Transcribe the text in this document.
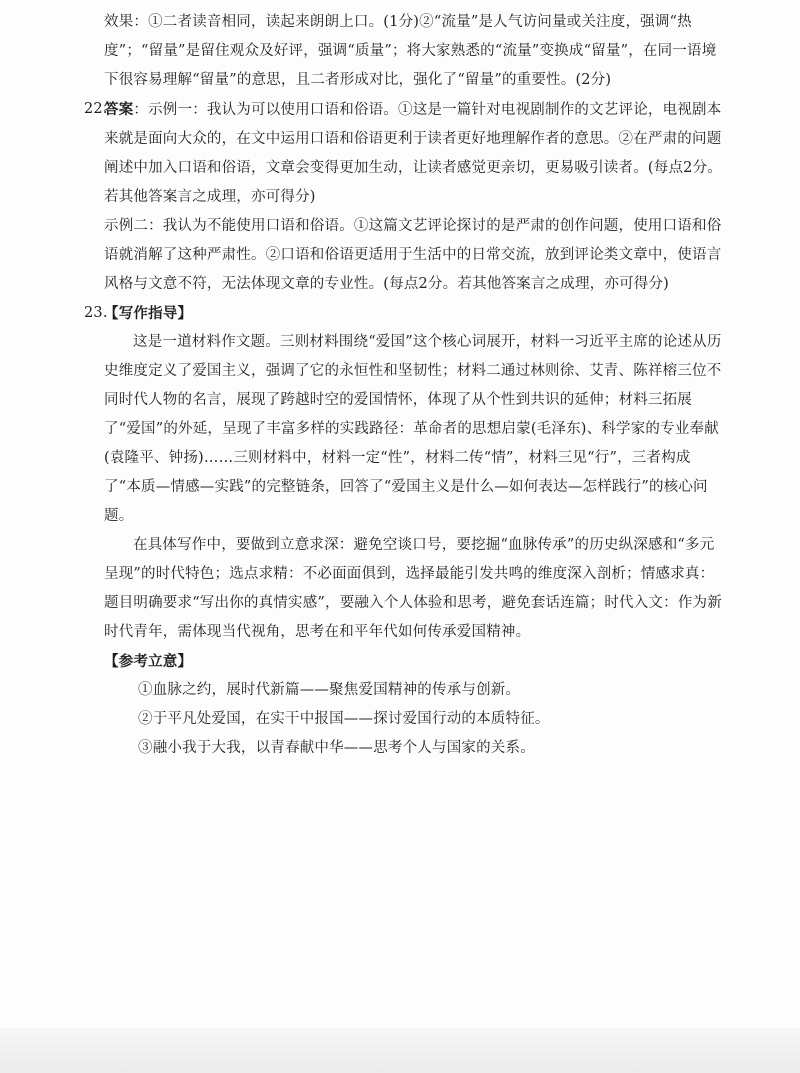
效果：①二者读音相同，读起来朗朗上口。(1分)②“流量”是人气访问量或关注度，强调“热度”；“留量”是留住观众及好评，强调“质量”；将大家熟悉的“流量”变换成“留量”，在同一语境下很容易理解“留量”的意思，且二者形成对比，强化了“留量”的重要性。(2分)

22.

答案：示例一：我认为可以使用口语和俗语。①这是一篇针对电视剧制作的文艺评论，电视剧本来就是面向大众的，在文中运用口语和俗语更利于读者更好地理解作者的意思。②在严肃的问题阐述中加入口语和俗语，文章会变得更加生动，让读者感觉更亲切，更易吸引读者。(每点2分。若其他答案言之成理，亦可得分)

示例二：我认为不能使用口语和俗语。①这篇文艺评论探讨的是严肃的创作问题，使用口语和俗语就消解了这种严肃性。②口语和俗语更适用于生活中的日常交流，放到评论类文章中，使语言风格与文意不符，无法体现文章的专业性。(每点2分。若其他答案言之成理，亦可得分)

23.

【写作指导】

这是一道材料作文题。三则材料围绕“爱国”这个核心词展开，材料一习近平主席的论述从历史维度定义了爱国主义，强调了它的永恒性和坚韧性；材料二通过林则徐、艾青、陈祥榕三位不同时代人物的名言，展现了跨越时空的爱国情怀，体现了从个性到共识的延伸；材料三拓展了“爱国”的外延，呈现了丰富多样的实践路径：革命者的思想启蒙(毛泽东)、科学家的专业奉献(袁隆平、钟扬)……三则材料中，材料一定“性”，材料二传“情”，材料三见“行”，三者构成了“本质—情感—实践”的完整链条，回答了“爱国主义是什么—如何表达—怎样践行”的核心问题。

在具体写作中，要做到立意求深：避免空谈口号，要挖掘“血脉传承”的历史纵深感和“多元呈现”的时代特色；选点求精：不必面面俱到，选择最能引发共鸣的维度深入剖析；情感求真：题目明确要求“写出你的真情实感”，要融入个人体验和思考，避免套话连篇；时代入文：作为新时代青年，需体现当代视角，思考在和平年代如何传承爱国精神。

【参考立意】

①血脉之约，展时代新篇——聚焦爱国精神的传承与创新。

②于平凡处爱国，在实干中报国——探讨爱国行动的本质特征。

③融小我于大我，以青春献中华——思考个人与国家的关系。
